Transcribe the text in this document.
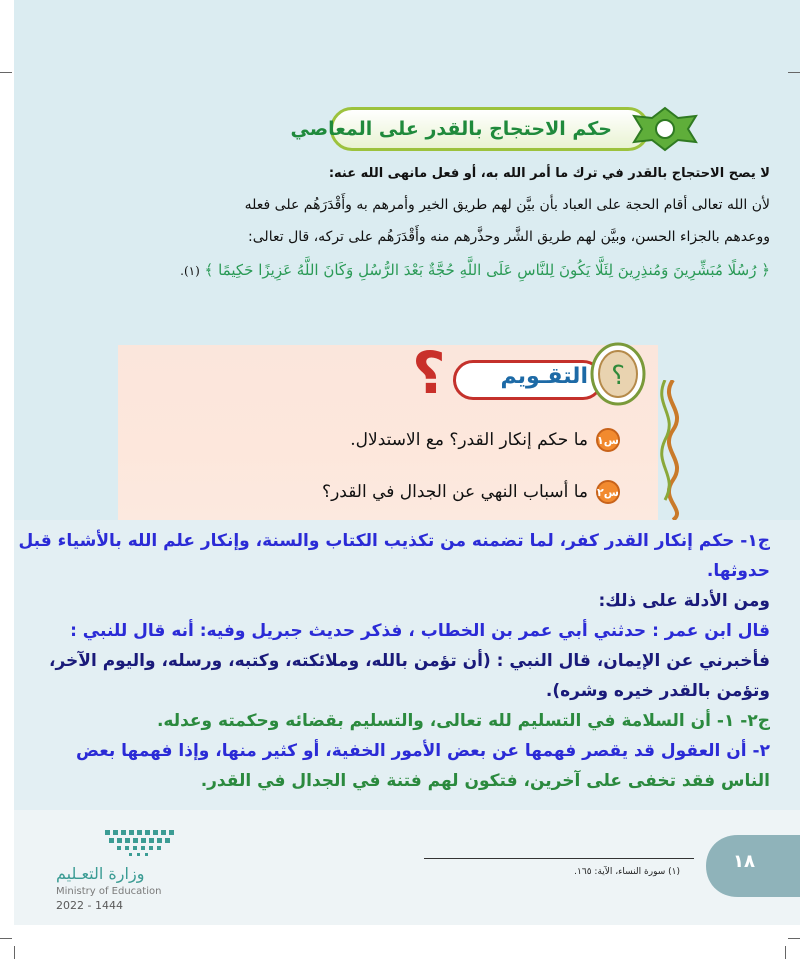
حكم الاحتجاج بالقدر على المعاصي
لا يصح الاحتجاج بالقدر في ترك ما أمر الله به، أو فعل مانهى الله عنه:
لأن الله تعالى أقام الحجة على العباد بأن بيَّن لهم طريق الخير وأمرهم به وأَقْدَرَهُم على فعله
ووعدهم بالجزاء الحسن، وبيَّن لهم طريق الشَّر وحذَّرهم منه وأَقْدَرَهُم على تركه، قال تعالى:
﴿ رُسُلًا مُبَشِّرِينَ وَمُنذِرِينَ لِئَلَّا يَكُونَ لِلنَّاسِ عَلَى اللَّهِ حُجَّةٌ بَعْدَ الرُّسُلِ وَكَانَ اللَّهُ عَزِيزًا حَكِيمًا ﴾ (١).
التقـويم
؟	؟
س١
ما حكم إنكار القدر؟ مع الاستدلال.
س٢
ما أسباب النهي عن الجدال في القدر؟
ج١- حكم إنكار القدر كفر، لما تضمنه من تكذيب الكتاب والسنة، وإنكار علم الله بالأشياء قبل
حدوثها.
ومن الأدلة على ذلك:
قال ابن عمر : حدثني أبي عمر بن الخطاب ، فذكر حديث جبريل وفيه: أنه قال للنبي :
فأخبرني عن الإيمان، قال النبي : (أن تؤمن بالله، وملائكته، وكتبه، ورسله، واليوم الآخر،
وتؤمن بالقدر خيره وشره).
ج٢- ١- أن السلامة في التسليم لله تعالى، والتسليم بقضائه وحكمته وعدله.
٢- أن العقول قد يقصر فهمها عن بعض الأمور الخفية، أو كثير منها، وإذا فهمها بعض
الناس فقد تخفى على آخرين، فتكون لهم فتنة في الجدال في القدر.
(١) سورة النساء، الآية: ١٦٥.	١٨
وزارة التعـليم
Ministry of Education
2022 - 1444
